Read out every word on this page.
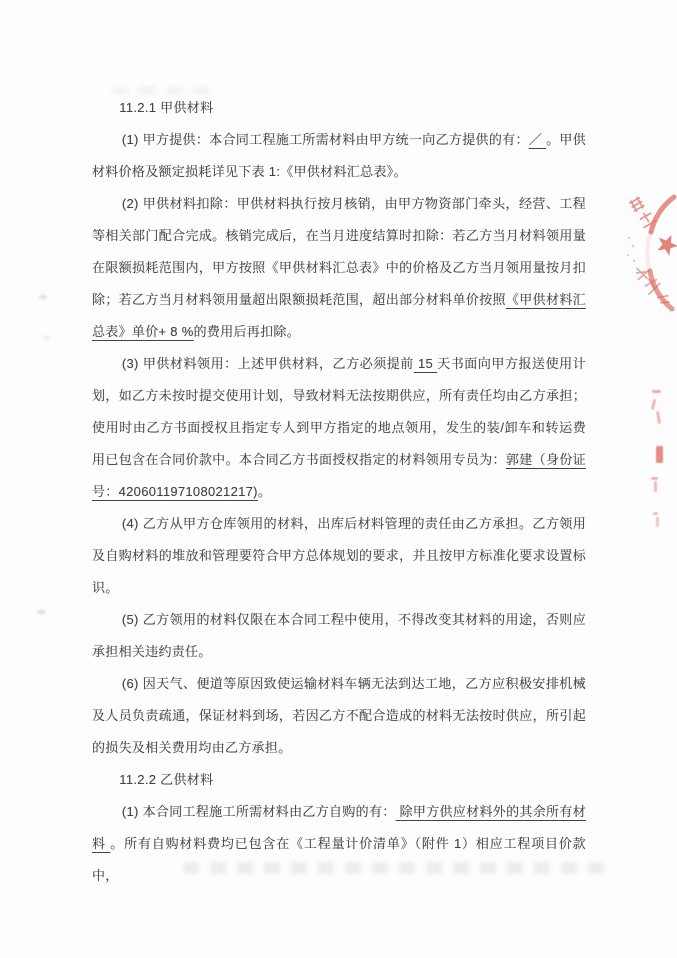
11.2.1 甲供材料

(1) 甲方提供：本合同工程施工所需材料由甲方统一向乙方提供的有：／ 。甲供材料价格及额定损耗详见下表 1:《甲供材料汇总表》。

(2) 甲供材料扣除：甲供材料执行按月核销，由甲方物资部门牵头，经营、工程等相关部门配合完成。核销完成后，在当月进度结算时扣除：若乙方当月材料领用量在限额损耗范围内，甲方按照《甲供材料汇总表》中的价格及乙方当月领用量按月扣除；若乙方当月材料领用量超出限额损耗范围，超出部分材料单价按照《甲供材料汇总表》单价+ 8 %的费用后再扣除。

(3) 甲供材料领用：上述甲供材料，乙方必须提前 15 天书面向甲方报送使用计划，如乙方未按时提交使用计划，导致材料无法按期供应，所有责任均由乙方承担；使用时由乙方书面授权且指定专人到甲方指定的地点领用，发生的装/卸车和转运费用已包含在合同价款中。本合同乙方书面授权指定的材料领用专员为：郭建（身份证号：420601197108021217)。

(4) 乙方从甲方仓库领用的材料，出库后材料管理的责任由乙方承担。乙方领用及自购材料的堆放和管理要符合甲方总体规划的要求，并且按甲方标准化要求设置标识。

(5) 乙方领用的材料仅限在本合同工程中使用，不得改变其材料的用途，否则应承担相关违约责任。

(6) 因天气、便道等原因致使运输材料车辆无法到达工地，乙方应积极安排机械及人员负责疏通，保证材料到场，若因乙方不配合造成的材料无法按时供应，所引起的损失及相关费用均由乙方承担。

11.2.2 乙供材料

(1) 本合同工程施工所需材料由乙方自购的有： 除甲方供应材料外的其余所有材料 。所有自购材料费均已包含在《工程量计价清单》（附件 1）相应工程项目价款中，
